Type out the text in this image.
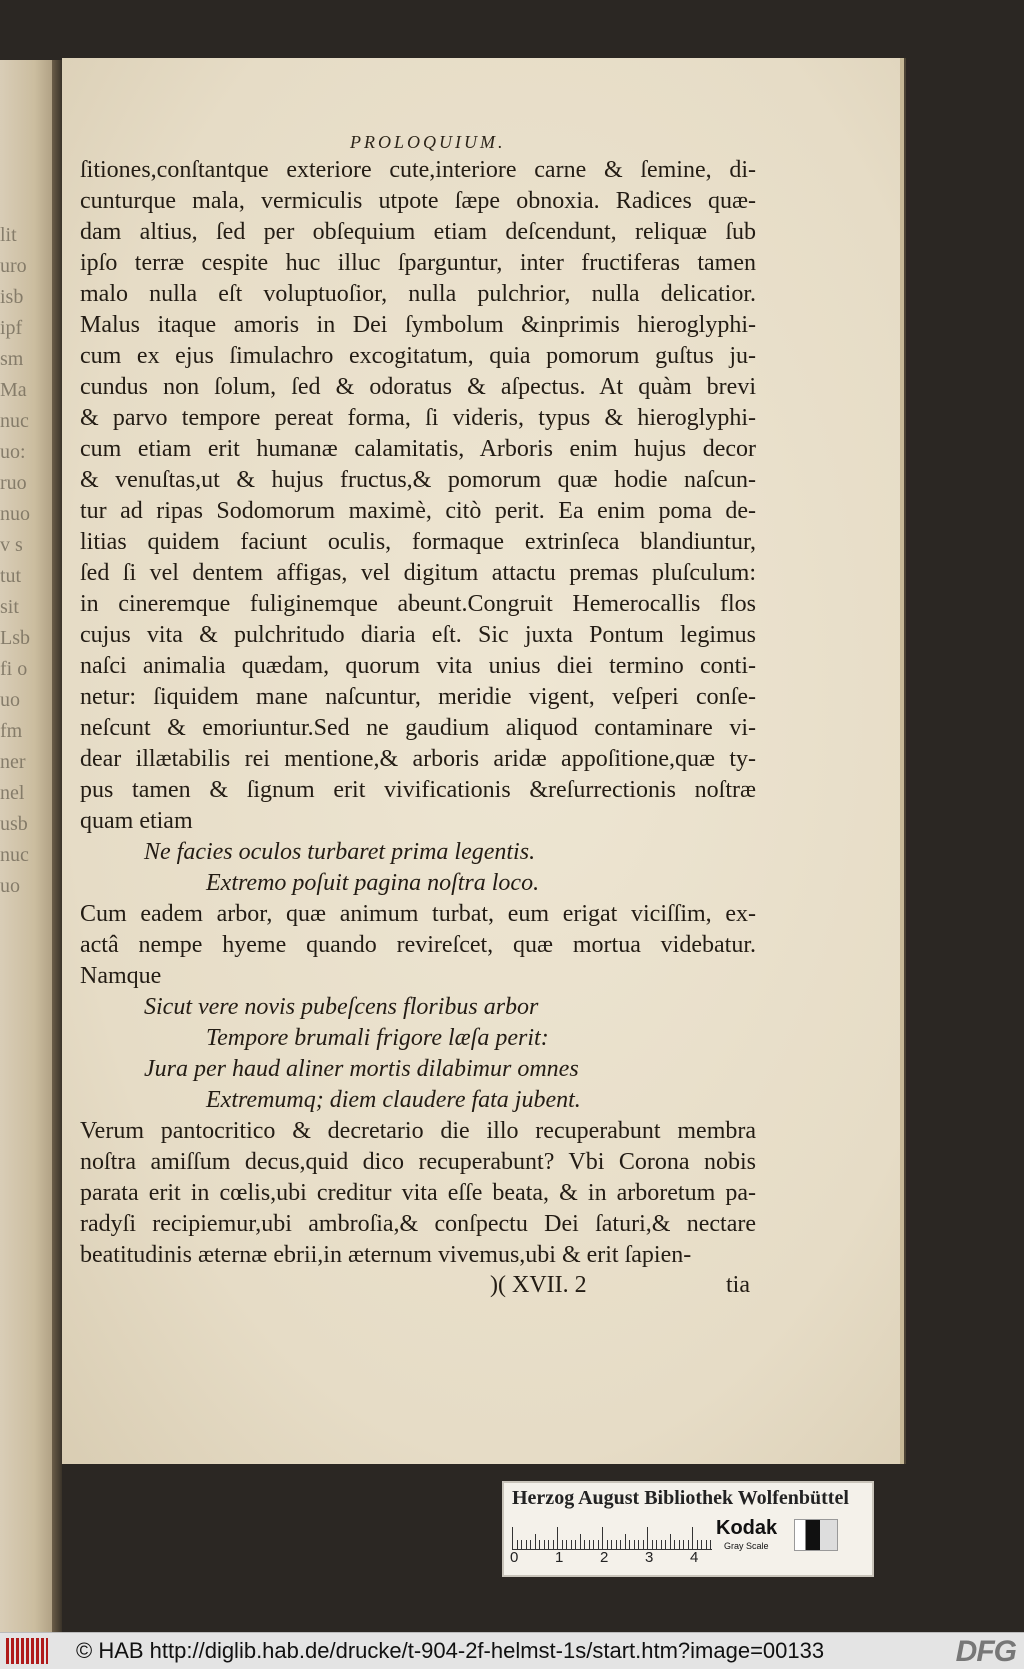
lit
uro
isb
ipf
sm
Ma
nuc
uo:
ruo
nuo
v s
tut
sit
Lsb
fi o
uo
fm
ner
nel
usb
nuc
uo
PROLOQUIUM.
ſitiones,conſtantque exteriore cute,interiore carne & ſemine, di-
cunturque mala, vermiculis utpote ſæpe obnoxia. Radices quæ-
dam altius, ſed per obſequium etiam deſcendunt, reliquæ ſub
ipſo terræ cespite huc illuc ſparguntur, inter fructiferas tamen
malo nulla eſt voluptuoſior, nulla pulchrior, nulla delicatior.
Malus itaque amoris in Dei ſymbolum &inprimis hieroglyphi-
cum ex ejus ſimulachro excogitatum, quia pomorum guſtus ju-
cundus non ſolum, ſed & odoratus & aſpectus. At quàm brevi
& parvo tempore pereat forma, ſi videris, typus & hieroglyphi-
cum etiam erit humanæ calamitatis, Arboris enim hujus decor
& venuſtas,ut & hujus fructus,& pomorum quæ hodie naſcun-
tur ad ripas Sodomorum maximè, citò perit. Ea enim poma de-
litias quidem faciunt oculis, formaque extrinſeca blandiuntur,
ſed ſi vel dentem affigas, vel digitum attactu premas pluſculum:
in cineremque fuliginemque abeunt.Congruit Hemerocallis flos
cujus vita & pulchritudo diaria eſt. Sic juxta Pontum legimus
naſci animalia quædam, quorum vita unius diei termino conti-
netur: ſiquidem mane naſcuntur, meridie vigent, veſperi conſe-
neſcunt & emoriuntur.Sed ne gaudium aliquod contaminare vi-
dear illætabilis rei mentione,& arboris aridæ appoſitione,quæ ty-
pus tamen & ſignum erit vivificationis &reſurrectionis noſtræ
quam etiam
Ne facies oculos turbaret prima legentis.
Extremo poſuit pagina noſtra loco.
Cum eadem arbor, quæ animum turbat, eum erigat viciſſim, ex-
actâ nempe hyeme quando revireſcet, quæ mortua videbatur.
Namque
Sicut vere novis pubeſcens floribus arbor
Tempore brumali frigore læſa perit:
Jura per haud aliner mortis dilabimur omnes
Extremumq; diem claudere fata jubent.
Verum pantocritico & decretario die illo recuperabunt membra
noſtra amiſſum decus,quid dico recuperabunt? Vbi Corona nobis
parata erit in cœlis,ubi creditur vita eſſe beata, & in arboretum pa-
radyſi recipiemur,ubi ambroſia,& conſpectu Dei ſaturi,& nectare
beatitudinis æternæ ebrii,in æternum vivemus,ubi & erit ſapien-
)( XVII. 2	tia
Herzog August Bibliothek Wolfenbüttel
0 1 2 3 4
Kodak
Gray Scale
© HAB http://diglib.hab.de/drucke/t-904-2f-helmst-1s/start.htm?image=00133	DFG
